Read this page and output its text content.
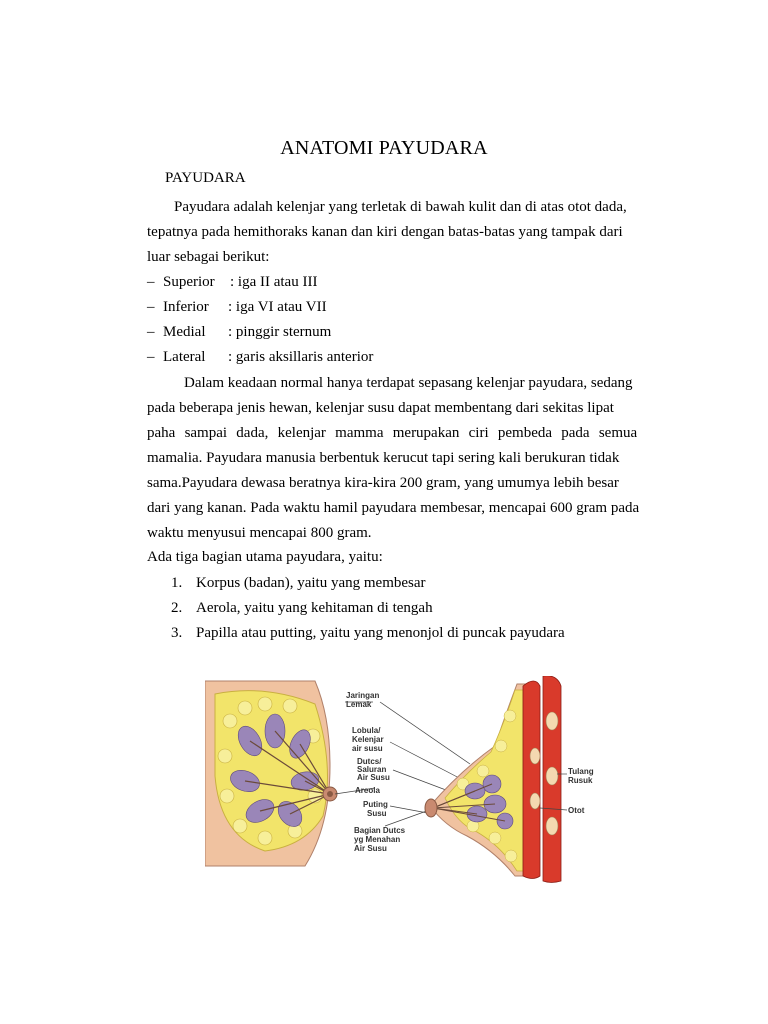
ANATOMI PAYUDARA
PAYUDARA
Payudara adalah kelenjar yang terletak di bawah kulit dan di atas otot dada,
tepatnya pada hemithoraks kanan dan kiri dengan batas-batas yang tampak dari
luar sebagai berikut:
– Superior : iga II atau III
– Inferior : iga VI atau VII
– Medial : pinggir sternum
– Lateral : garis aksillaris anterior
Dalam keadaan normal hanya terdapat sepasang kelenjar payudara, sedang
pada beberapa jenis hewan, kelenjar susu dapat membentang dari sekitas lipat
paha sampai dada, kelenjar mamma merupakan ciri pembeda pada semua
mamalia. Payudara manusia berbentuk kerucut tapi sering kali berukuran tidak
sama.Payudara dewasa beratnya kira-kira 200 gram, yang umumya lebih besar
dari yang kanan. Pada waktu hamil payudara membesar, mencapai 600 gram pada
waktu menyusui mencapai 800 gram.
Ada tiga bagian utama payudara, yaitu:
1. Korpus (badan), yaitu yang membesar
2. Aerola, yaitu yang kehitaman di tengah
3. Papilla atau putting, yaitu yang menonjol di puncak payudara
Jaringan
Lemak
Lobula/
Kelenjar
air susu
Dutcs/
Saluran
Air Susu
Areola
Puting
Susu
Bagian Dutcs
yg Menahan
Air Susu
Tulang
Rusuk
Otot
